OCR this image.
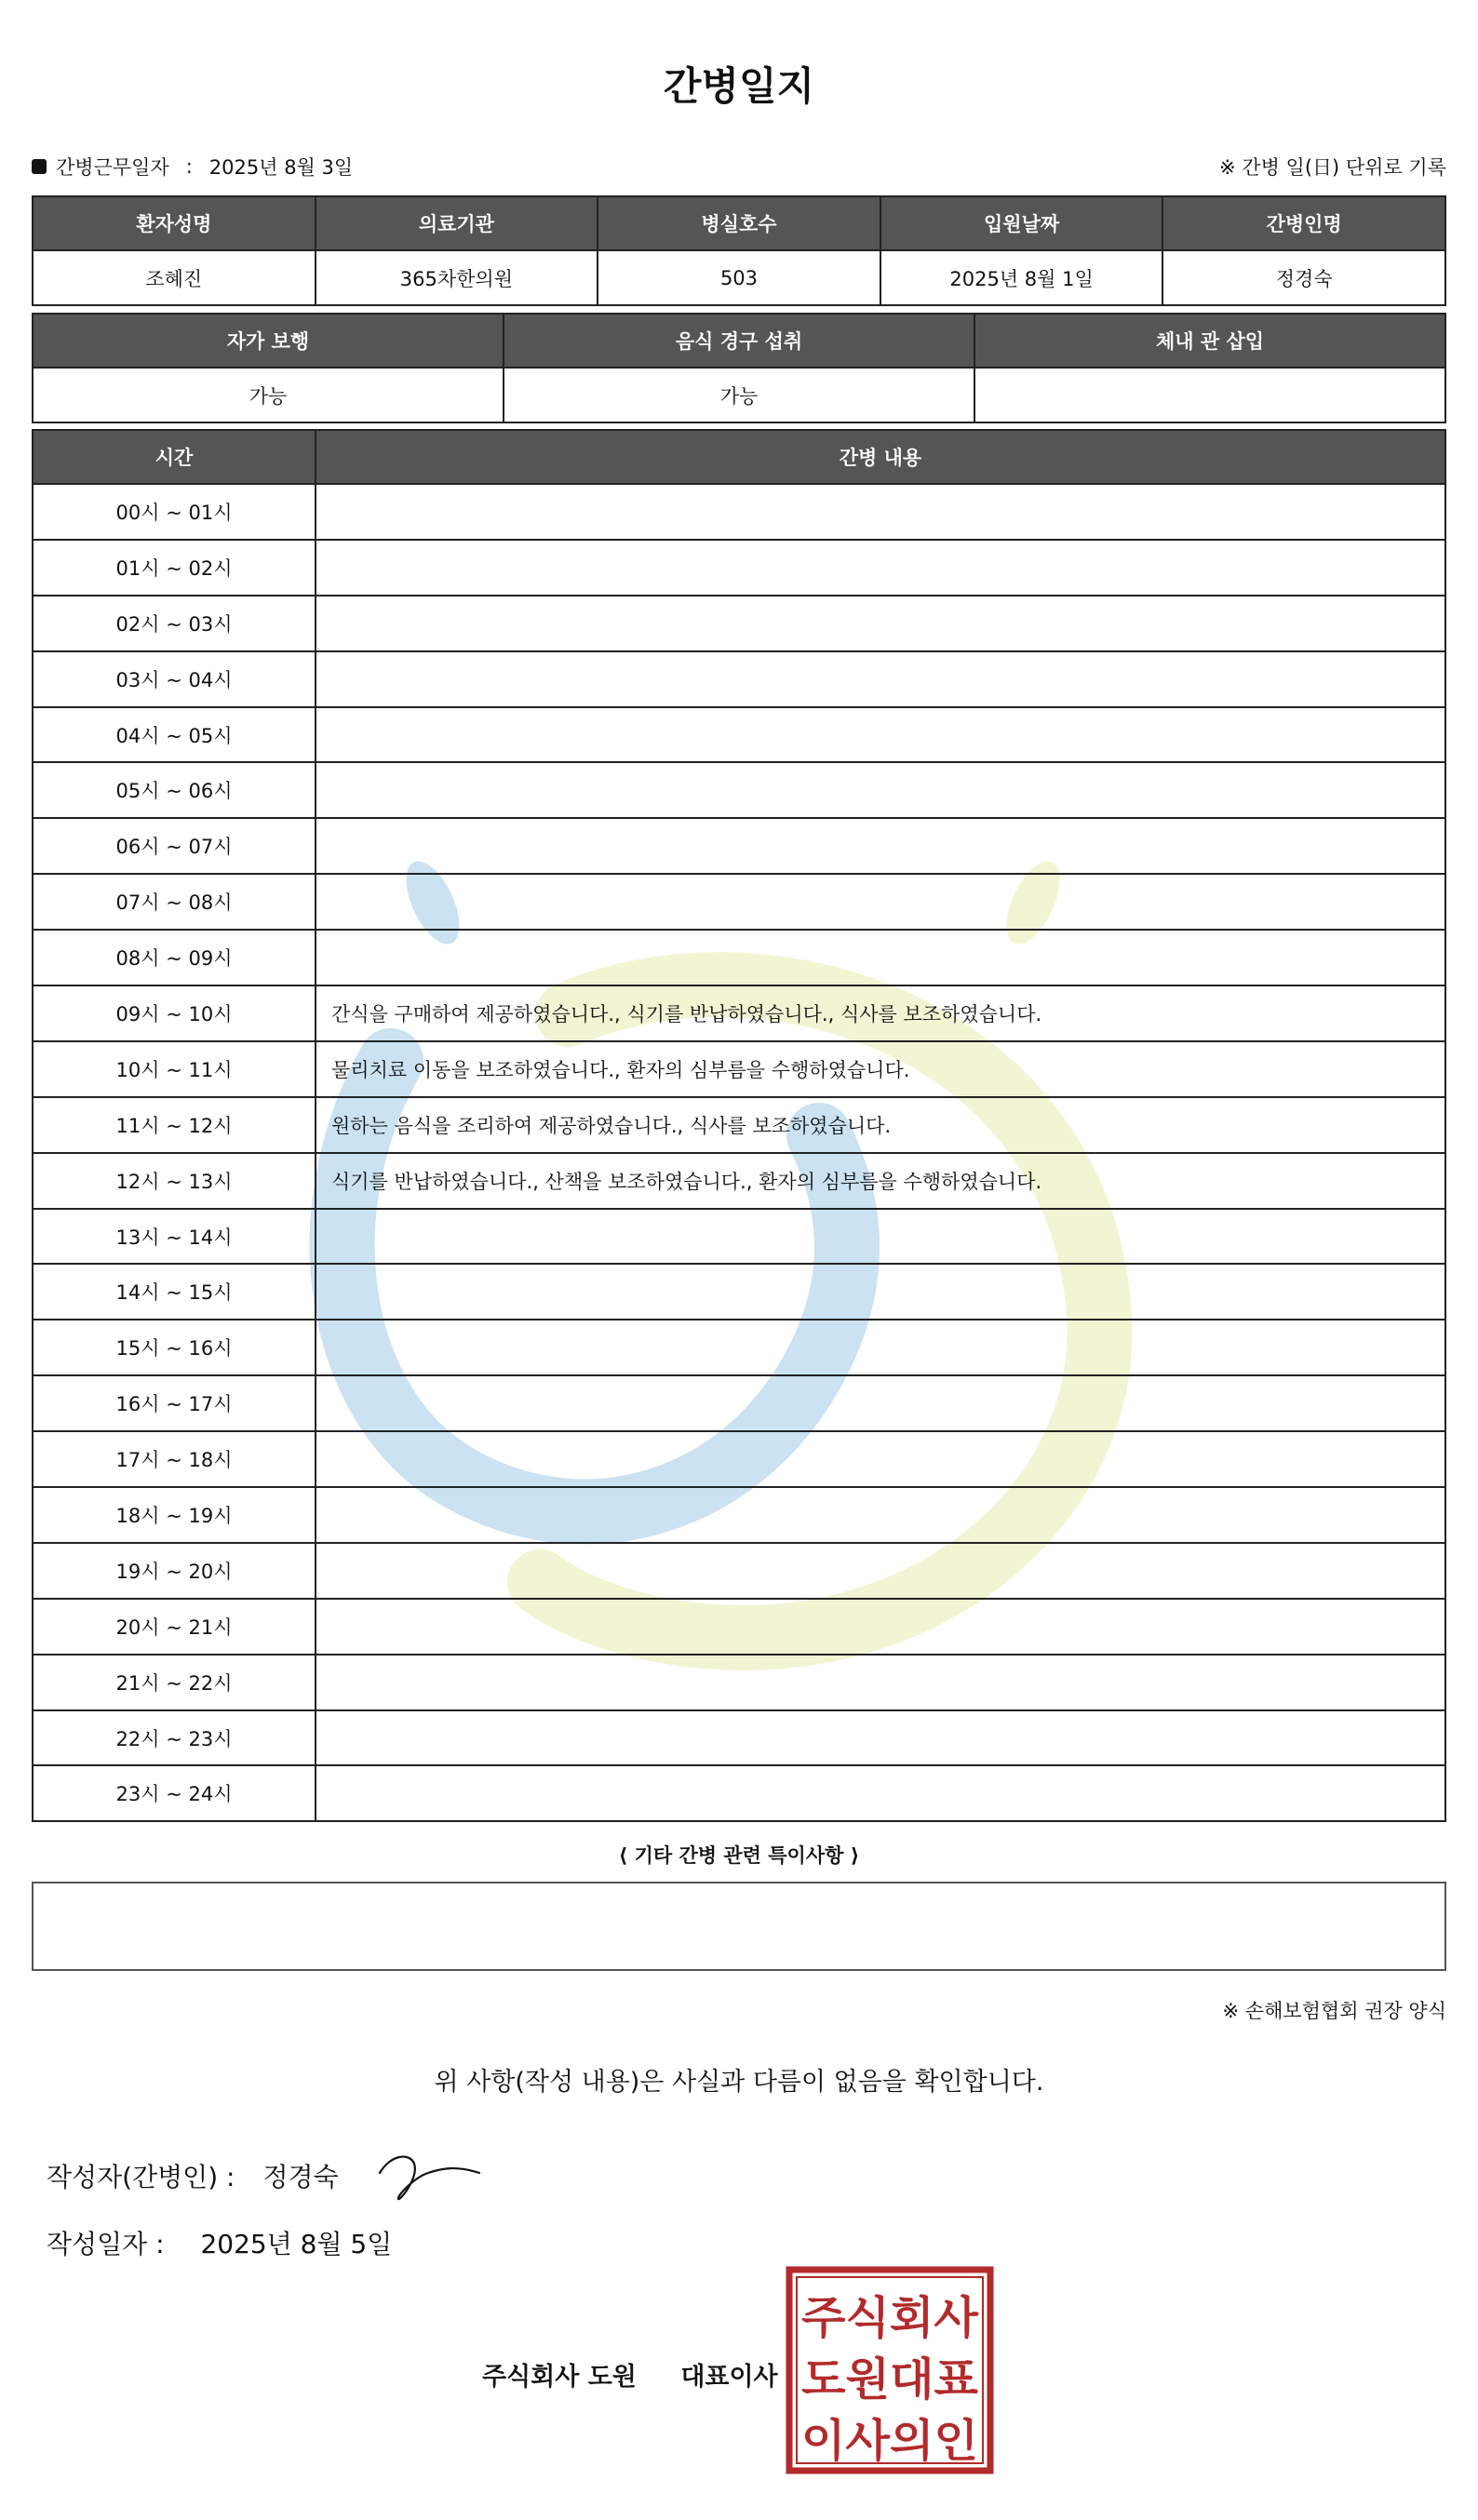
간병일지
간병근무일자 : 2025년 8월 3일	※ 간병 일(日) 단위로 기록
환자성명	의료기관	병실호수	입원날짜	간병인명
조혜진	365차한의원	503	2025년 8월 1일	정경숙
자가 보행	음식 경구 섭취	체내 관 삽입
가능	가능	
시간	간병 내용
00시 ~ 01시	
01시 ~ 02시	
02시 ~ 03시	
03시 ~ 04시	
04시 ~ 05시	
05시 ~ 06시	
06시 ~ 07시	
07시 ~ 08시	
08시 ~ 09시	
09시 ~ 10시	간식을 구매하여 제공하였습니다., 식기를 반납하였습니다., 식사를 보조하였습니다.
10시 ~ 11시	물리치료 이동을 보조하였습니다., 환자의 심부름을 수행하였습니다.
11시 ~ 12시	원하는 음식을 조리하여 제공하였습니다., 식사를 보조하였습니다.
12시 ~ 13시	식기를 반납하였습니다., 산책을 보조하였습니다., 환자의 심부름을 수행하였습니다.
13시 ~ 14시	
14시 ~ 15시	
15시 ~ 16시	
16시 ~ 17시	
17시 ~ 18시	
18시 ~ 19시	
19시 ~ 20시	
20시 ~ 21시	
21시 ~ 22시	
22시 ~ 23시	
23시 ~ 24시	
⟨ 기타 간병 관련 특이사항 ⟩
※ 손해보험협회 권장 양식
위 사항(작성 내용)은 사실과 다름이 없음을 확인합니다.
작성자(간병인) : 정경숙
작성일자 : 2025년 8월 5일
주식회사 도원 대표이사
주식회사
도원대표
이사의인
